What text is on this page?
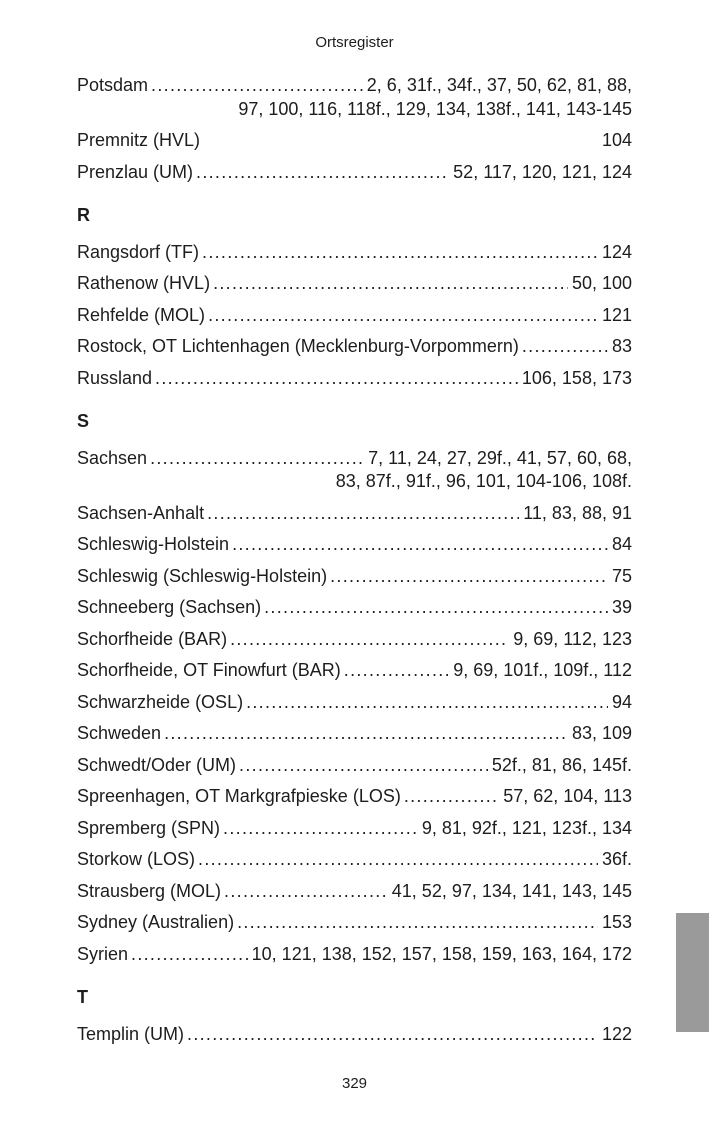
Ortsregister
Potsdam .....	2, 6, 31f., 34f., 37, 50, 62, 81, 88,
97, 100, 116, 118f., 129, 134, 138f., 141, 143-145
Premnitz (HVL)	104
Prenzlau (UM) .....	52, 117, 120, 121, 124
R
Rangsdorf (TF) .....	124
Rathenow (HVL) .....	50, 100
Rehfelde (MOL) .....	121
Rostock, OT Lichtenhagen (Mecklenburg-Vorpommern) .....	83
Russland .....	106, 158, 173
S
Sachsen .....	7, 11, 24, 27, 29f., 41, 57, 60, 68,
83, 87f., 91f., 96, 101, 104-106, 108f.
Sachsen-Anhalt .....	11, 83, 88, 91
Schleswig-Holstein .....	84
Schleswig (Schleswig-Holstein) .....	75
Schneeberg (Sachsen) .....	39
Schorfheide (BAR) .....	9, 69, 112, 123
Schorfheide, OT Finowfurt (BAR) .....	9, 69, 101f., 109f., 112
Schwarzheide (OSL) .....	94
Schweden .....	83, 109
Schwedt/Oder (UM) .....	52f., 81, 86, 145f.
Spreenhagen, OT Markgrafpieske (LOS) .....	57, 62, 104, 113
Spremberg (SPN) .....	9, 81, 92f., 121, 123f., 134
Storkow (LOS) .....	36f.
Strausberg (MOL) .....	41, 52, 97, 134, 141, 143, 145
Sydney (Australien) .....	153
Syrien .....	10, 121, 138, 152, 157, 158, 159, 163, 164, 172
T
Templin (UM) .....	122
329
